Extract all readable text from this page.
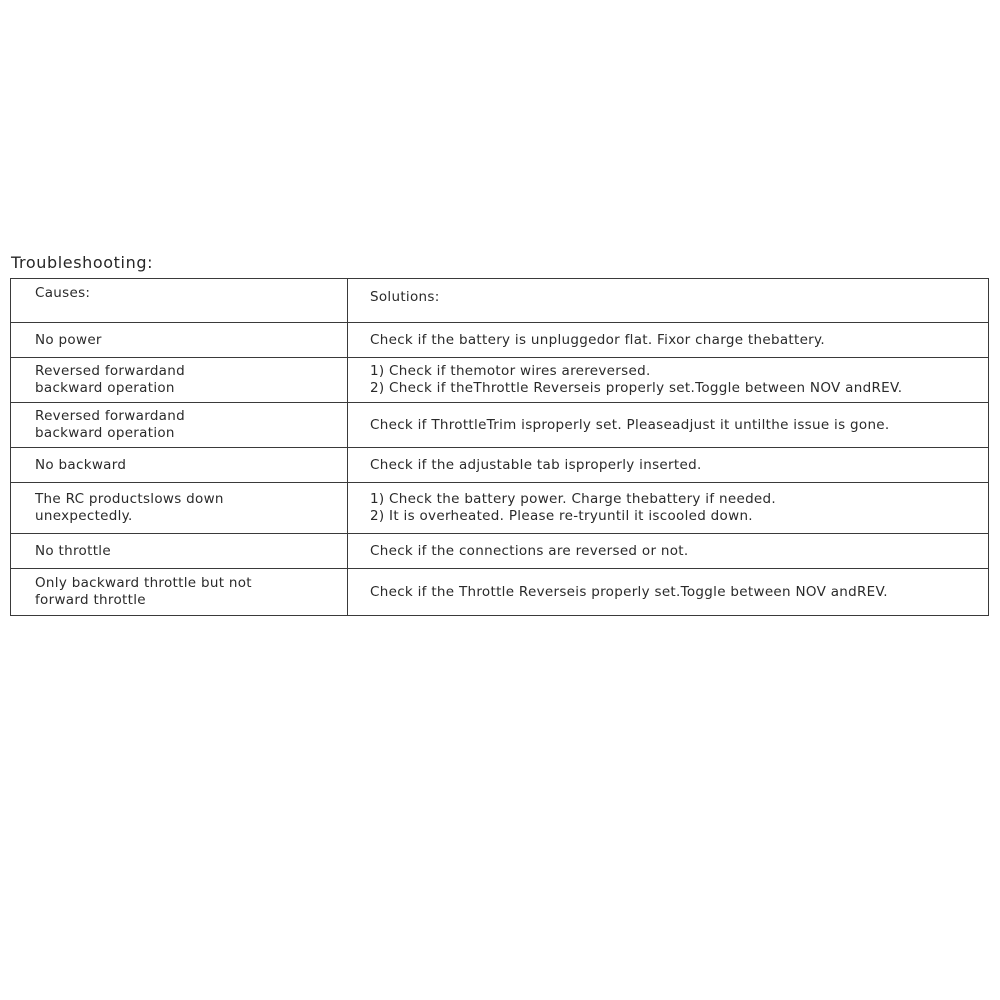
Troubleshooting:
Causes:	Solutions:
No power	Check if the battery is unpluggedor flat. Fixor charge thebattery.
Reversed forwardand
backward operation	1) Check if themotor wires arereversed.
2) Check if theThrottle Reverseis properly set.Toggle between NOV andREV.
Reversed forwardand
backward operation	Check if ThrottleTrim isproperly set. Pleaseadjust it untilthe issue is gone.
No backward	Check if the adjustable tab isproperly inserted.
The RC productslows down
unexpectedly.	1) Check the battery power. Charge thebattery if needed.
2) It is overheated. Please re-tryuntil it iscooled down.
No throttle	Check if the connections are reversed or not.
Only backward throttle but not
forward throttle	Check if the Throttle Reverseis properly set.Toggle between NOV andREV.
